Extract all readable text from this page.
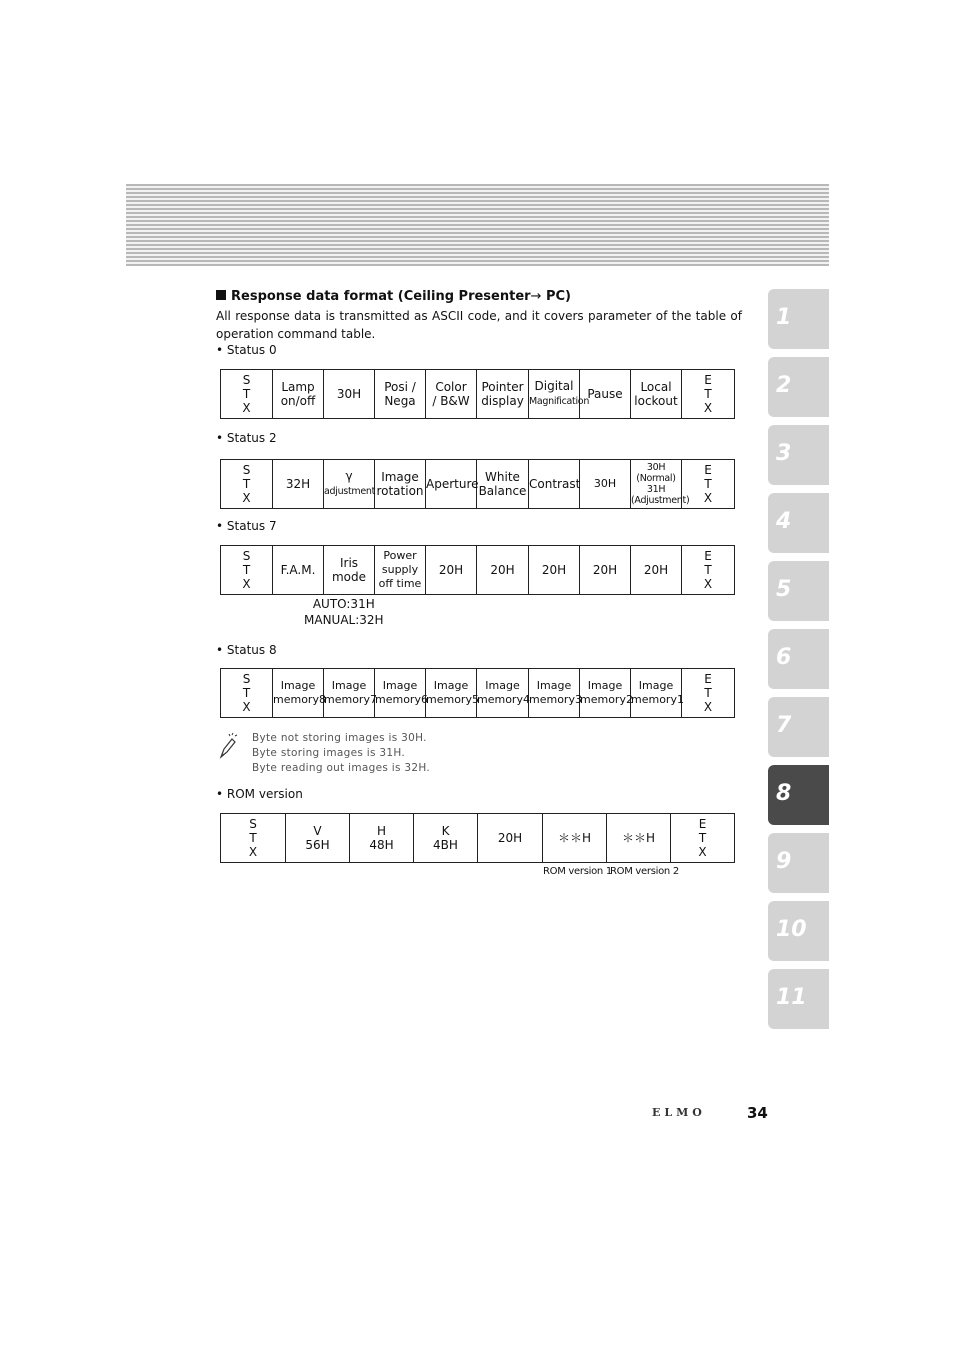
1
2
3
4
5
6
7
8
9
10
11
Response data format (Ceiling Presenter→ PC)
All response data is transmitted as ASCII code, and it covers parameter of the table of
operation command table.
• Status 0
S
T
X	Lamp
on/off	30H	Posi /
Nega	Color
/ B&W	Pointer
display	Digital
Magnification	Pause	Local
lockout	E
T
X
• Status 2
S
T
X	32H	γ
adjustment	Image
rotation	Aperture	White
Balance	Contrast	30H	30H
(Normal)
31H
(Adjustment)	E
T
X
• Status 7
S
T
X	F.A.M.	Iris
mode	Power
supply
off time	20H	20H	20H	20H	20H	E
T
X
AUTO:31H
MANUAL:32H
• Status 8
S
T
X	Image
memory8	Image
memory7	Image
memory6	Image
memory5	Image
memory4	Image
memory3	Image
memory2	Image
memory1	E
T
X
Byte not storing images is 30H.
Byte storing images is 31H.
Byte reading out images is 32H.
• ROM version
S
T
X	V
56H	H
48H	K
4BH	20H	＊＊H	＊＊H	E
T
X
ROM version 1
ROM version 2
ELMO	34
